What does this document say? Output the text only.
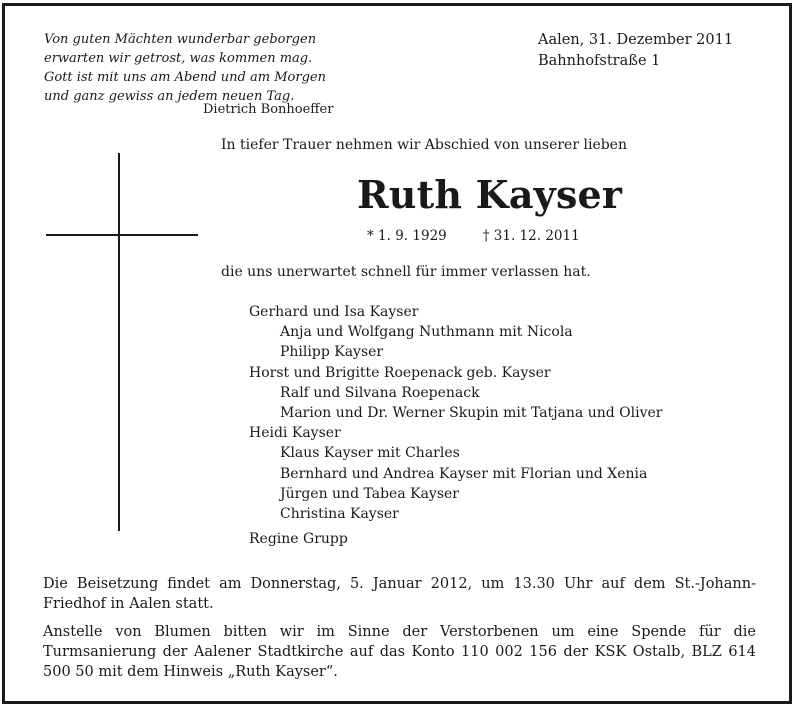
Von guten Mächten wunderbar geborgen
erwarten wir getrost, was kommen mag.
Gott ist mit uns am Abend und am Morgen
und ganz gewiss an jedem neuen Tag.
Dietrich Bonhoeffer
Aalen, 31. Dezember 2011
Bahnhofstraße 1
In tiefer Trauer nehmen wir Abschied von unserer lieben
Ruth Kayser
* 1. 9. 1929	† 31. 12. 2011
die uns unerwartet schnell für immer verlassen hat.
Gerhard und Isa Kayser
Anja und Wolfgang Nuthmann mit Nicola
Philipp Kayser
Horst und Brigitte Roepenack geb. Kayser
Ralf und Silvana Roepenack
Marion und Dr. Werner Skupin mit Tatjana und Oliver
Heidi Kayser
Klaus Kayser mit Charles
Bernhard und Andrea Kayser mit Florian und Xenia
Jürgen und Tabea Kayser
Christina Kayser
Regine Grupp
Die Beisetzung findet am Donnerstag, 5. Januar 2012, um 13.30 Uhr auf dem St.-Johann-Friedhof in Aalen statt.
Anstelle von Blumen bitten wir im Sinne der Verstorbenen um eine Spende für die Turmsanierung der Aalener Stadtkirche auf das Konto 110 002 156 der KSK Ostalb, BLZ 614 500 50 mit dem Hinweis „Ruth Kayser“.
